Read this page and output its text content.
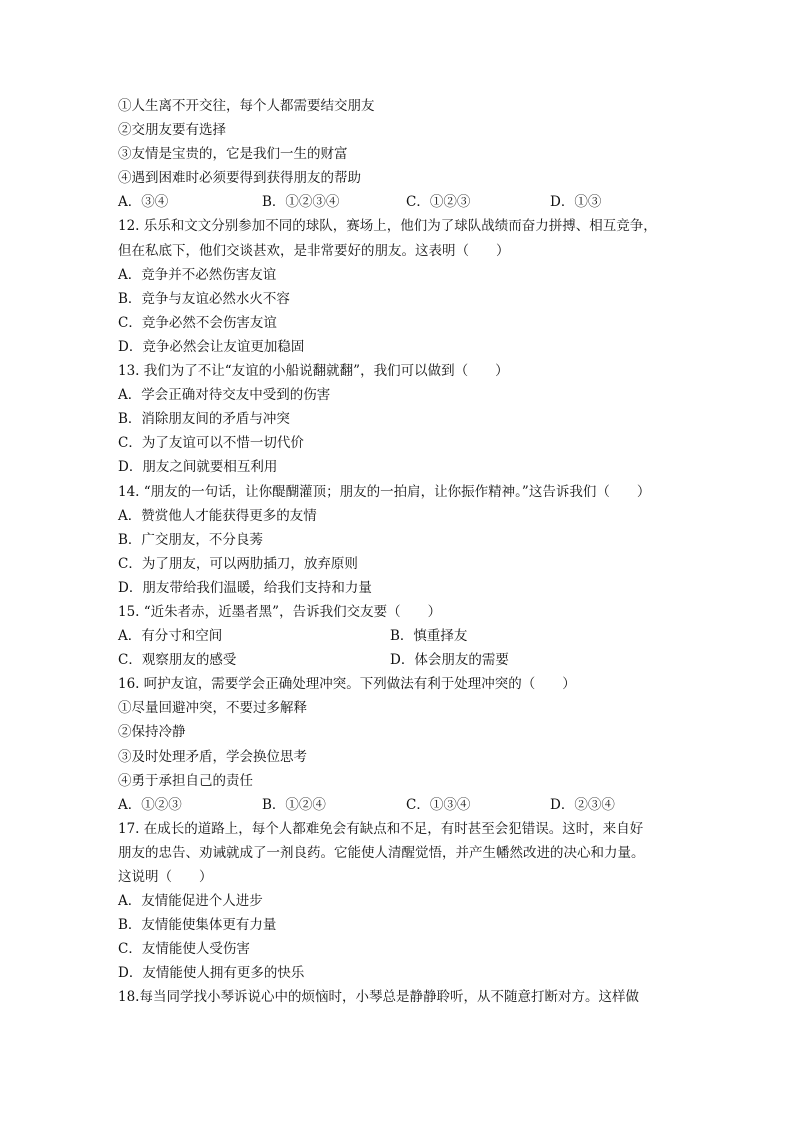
①人生离不开交往，每个人都需要结交朋友
②交朋友要有选择
③友情是宝贵的，它是我们一生的财富
④遇到困难时必须要得到获得朋友的帮助
A．③④	B．①②③④	C．①②③	D．①③
12. 乐乐和文文分别参加不同的球队，赛场上，他们为了球队战绩而奋力拼搏、相互竞争，
但在私底下，他们交谈甚欢，是非常要好的朋友。这表明（　　）
A．竞争并不必然伤害友谊
B．竞争与友谊必然水火不容
C．竞争必然不会伤害友谊
D．竞争必然会让友谊更加稳固
13. 我们为了不让“友谊的小船说翻就翻”，我们可以做到（　　）
A．学会正确对待交友中受到的伤害
B．消除朋友间的矛盾与冲突
C．为了友谊可以不惜一切代价
D．朋友之间就要相互利用
14. “朋友的一句话，让你醍醐灌顶；朋友的一拍肩，让你振作精神。”这告诉我们（　　）
A．赞赏他人才能获得更多的友情
B．广交朋友，不分良莠
C．为了朋友，可以两肋插刀，放弃原则
D．朋友带给我们温暖，给我们支持和力量
15. “近朱者赤，近墨者黑”，告诉我们交友要（　　）
A．有分寸和空间	B．慎重择友
C．观察朋友的感受	D．体会朋友的需要
16. 呵护友谊，需要学会正确处理冲突。下列做法有利于处理冲突的（　　）
①尽量回避冲突，不要过多解释
②保持冷静
③及时处理矛盾，学会换位思考
④勇于承担自己的责任
A．①②③	B．①②④	C．①③④	D．②③④
17. 在成长的道路上，每个人都难免会有缺点和不足，有时甚至会犯错误。这时，来自好
朋友的忠告、劝诫就成了一剂良药。它能使人清醒觉悟，并产生幡然改进的决心和力量。
这说明（　　）
A．友情能促进个人进步
B．友情能使集体更有力量
C．友情能使人受伤害
D．友情能使人拥有更多的快乐
18.每当同学找小琴诉说心中的烦恼时，小琴总是静静聆听，从不随意打断对方。这样做
